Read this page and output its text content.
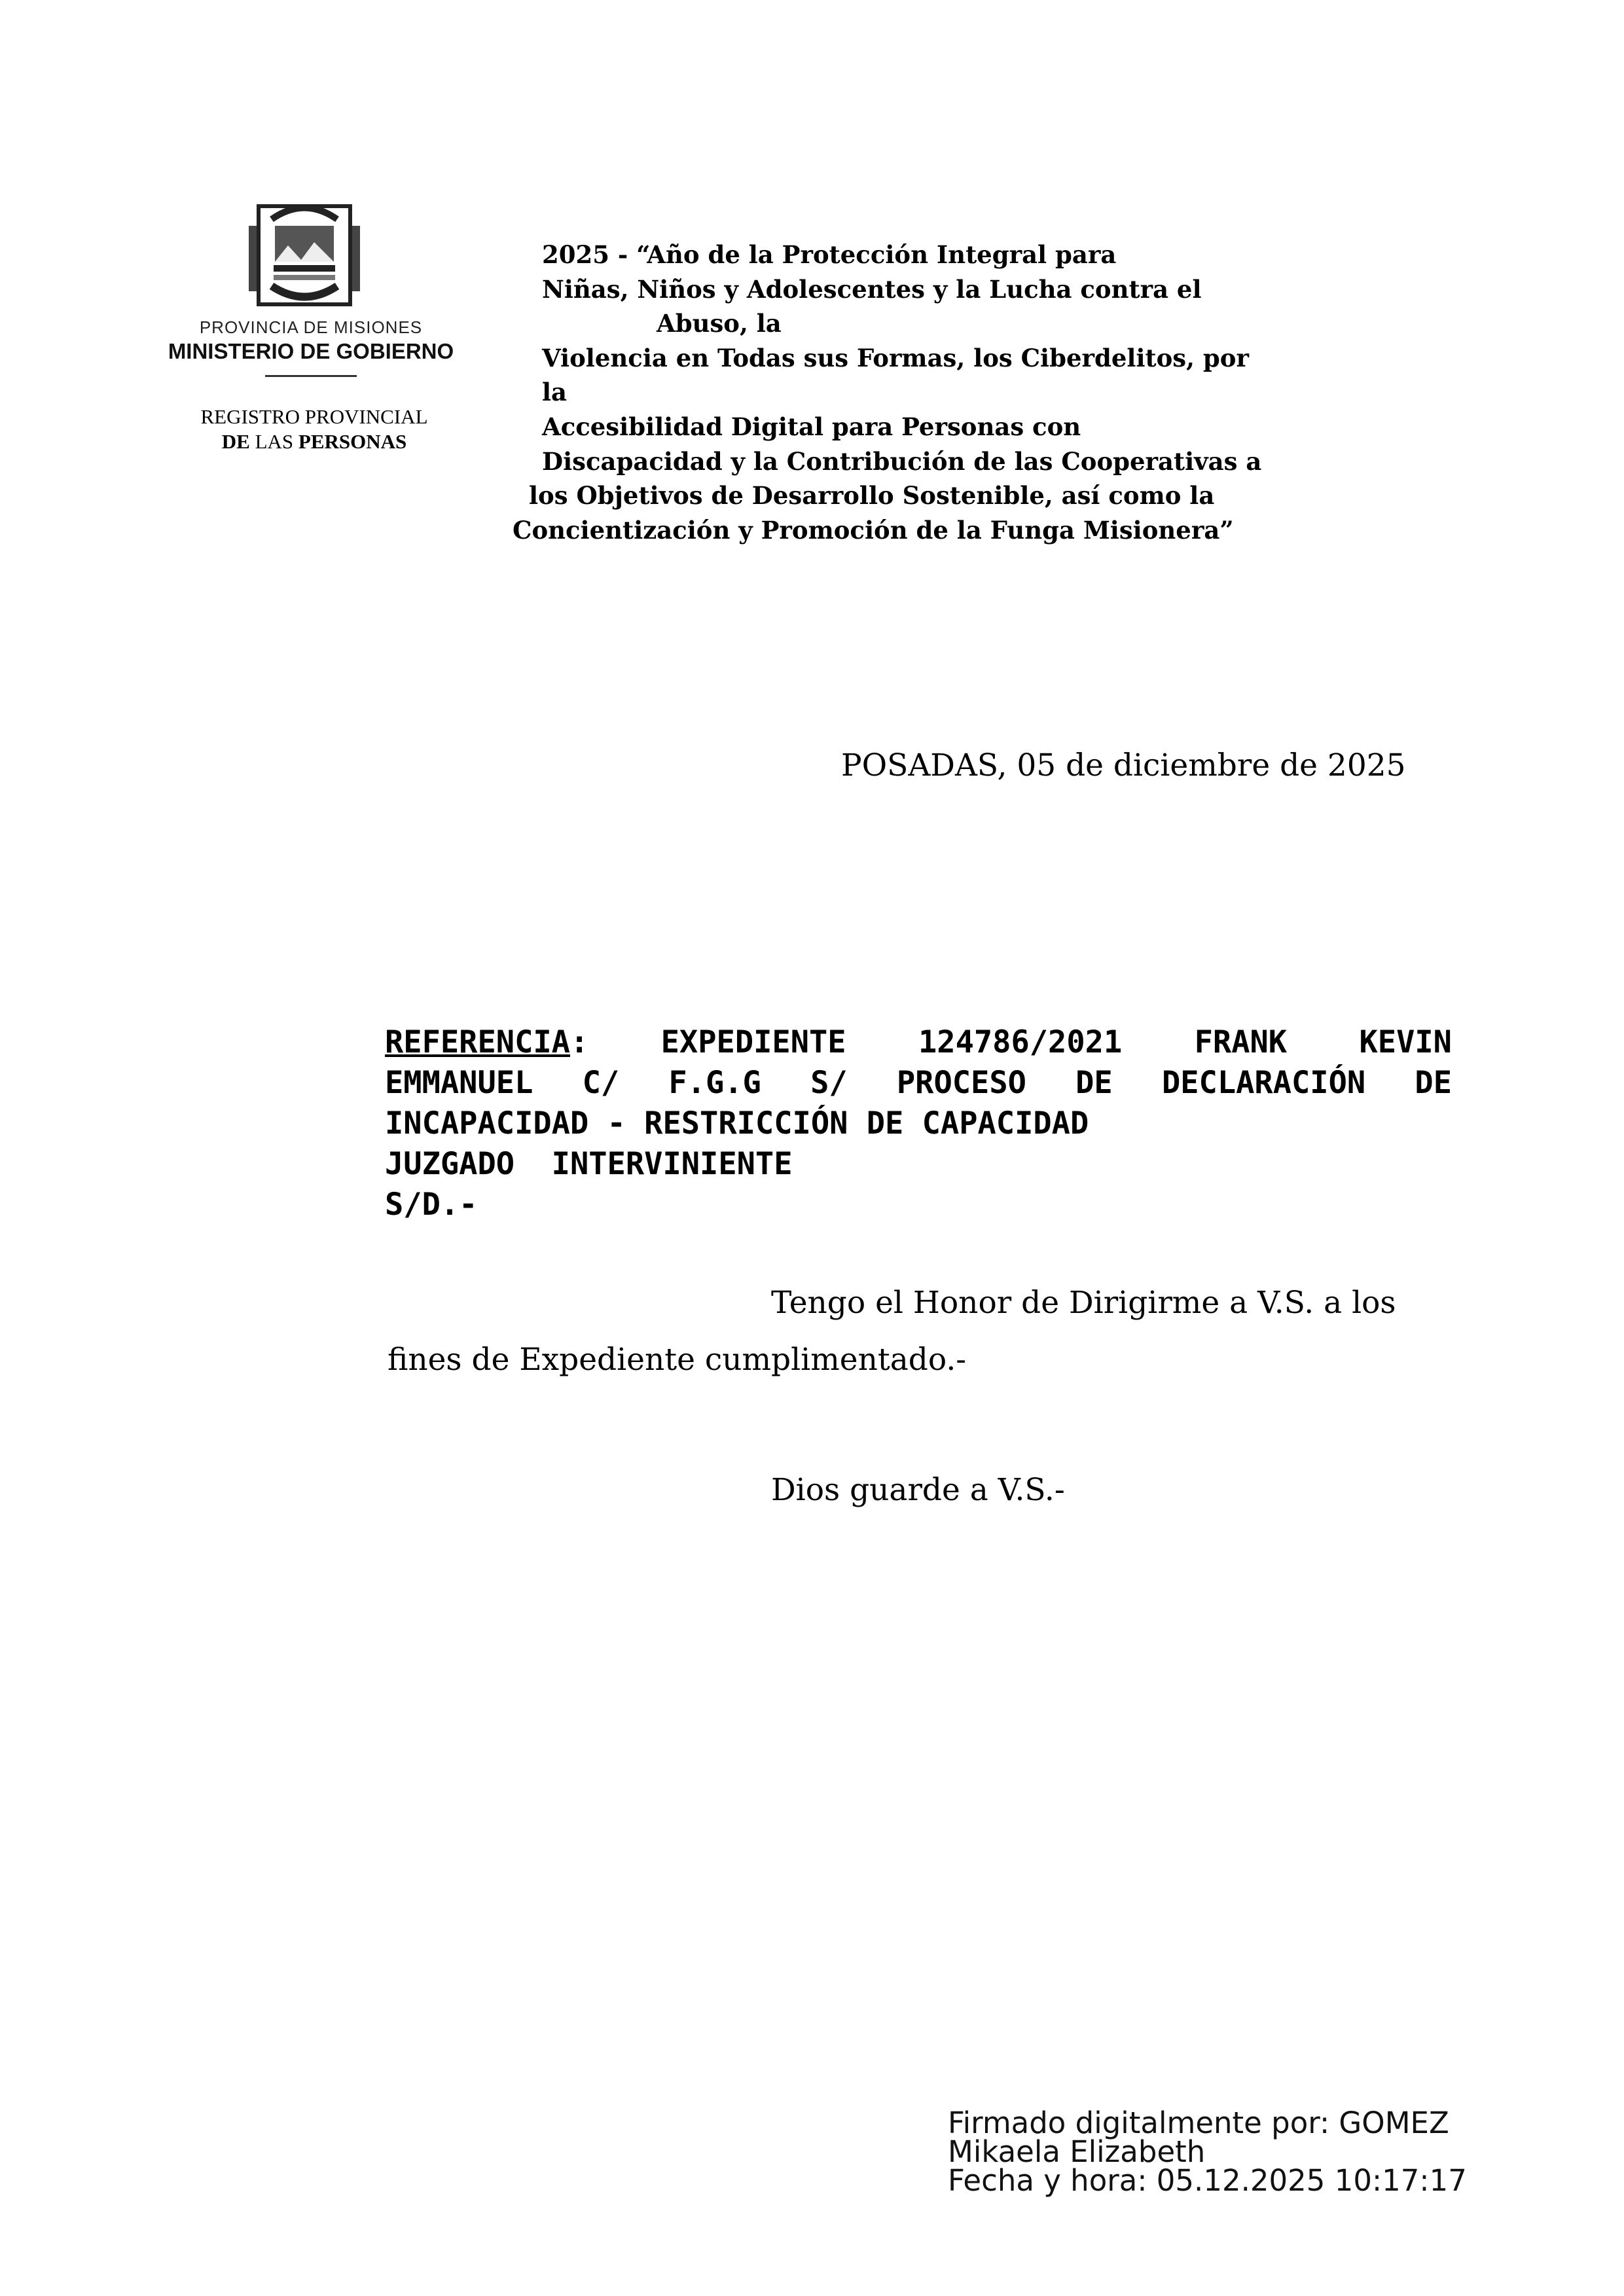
PROVINCIA DE MISIONES
MINISTERIO DE GOBIERNO
REGISTRO PROVINCIAL
DE LAS PERSONAS
2025 - “Año de la Protección Integral para
Niñas, Niños y Adolescentes y la Lucha contra el
Abuso, la
Violencia en Todas sus Formas, los Ciberdelitos, por
la
Accesibilidad Digital para Personas con
Discapacidad y la Contribución de las Cooperativas a
los Objetivos de Desarrollo Sostenible, así como la
Concientización y Promoción de la Funga Misionera”
POSADAS, 05 de diciembre de 2025
REFERENCIA: EXPEDIENTE 124786/2021 FRANK KEVIN
EMMANUEL C/ F.G.G S/ PROCESO DE DECLARACIÓN DE
INCAPACIDAD - RESTRICCIÓN DE CAPACIDAD
JUZGADO  INTERVINIENTE
S/D.-
Tengo el Honor de Dirigirme a V.S. a los
fines de Expediente cumplimentado.-
Dios guarde a V.S.-
Firmado digitalmente por: GOMEZ
Mikaela Elizabeth
Fecha y hora: 05.12.2025 10:17:17
